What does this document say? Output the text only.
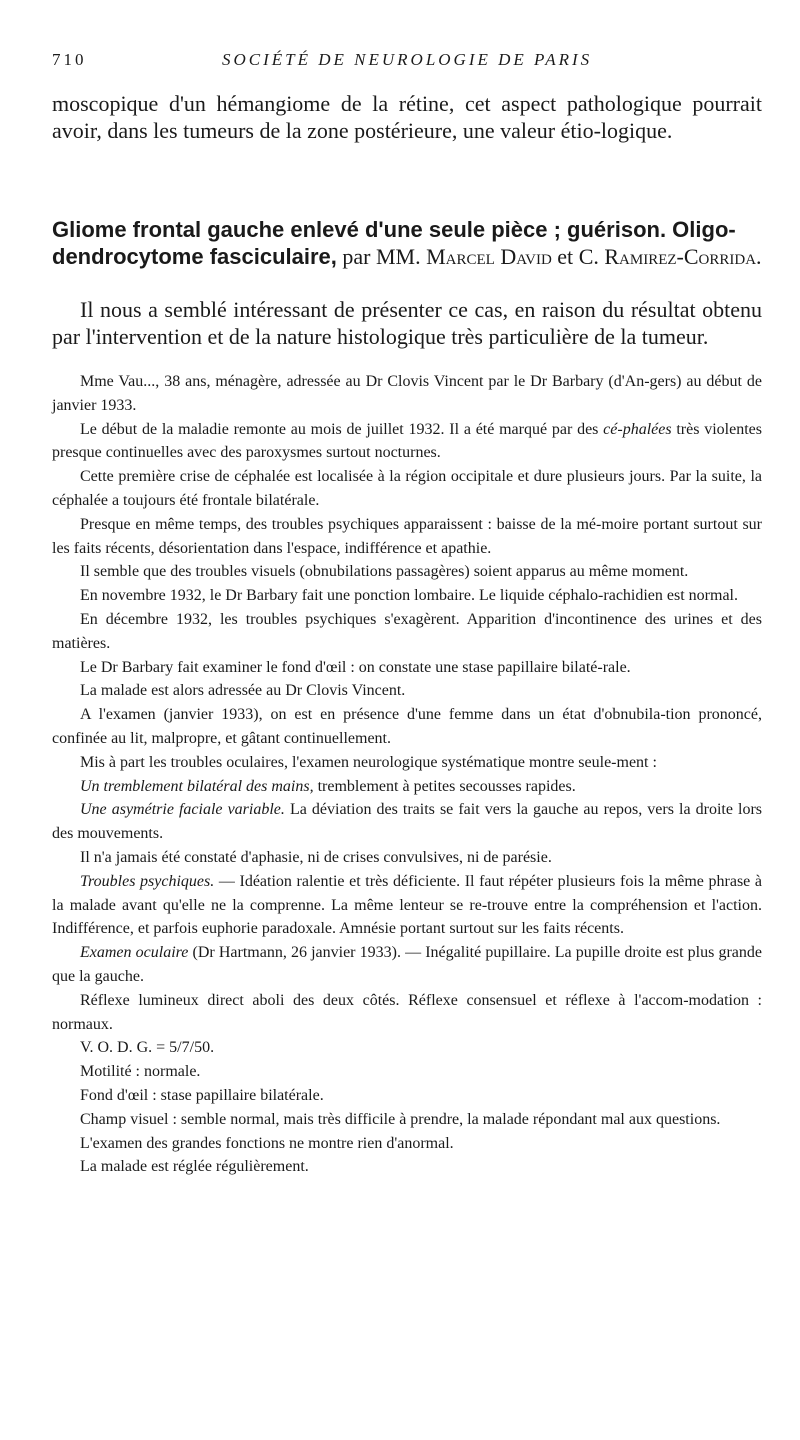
710	SOCIÉTÉ DE NEUROLOGIE DE PARIS

moscopique d'un hémangiome de la rétine, cet aspect pathologique pourrait avoir, dans les tumeurs de la zone postérieure, une valeur étio-logique.

Gliome frontal gauche enlevé d'une seule pièce ; guérison. Oligo-dendrocytome fasciculaire, par MM. Marcel David et C. Ramirez-Corrida.

Il nous a semblé intéressant de présenter ce cas, en raison du résultat obtenu par l'intervention et de la nature histologique très particulière de la tumeur.

Mme Vau..., 38 ans, ménagère, adressée au Dr Clovis Vincent par le Dr Barbary (d'An-gers) au début de janvier 1933.

Le début de la maladie remonte au mois de juillet 1932. Il a été marqué par des cé-phalées très violentes presque continuelles avec des paroxysmes surtout nocturnes.

Cette première crise de céphalée est localisée à la région occipitale et dure plusieurs jours. Par la suite, la céphalée a toujours été frontale bilatérale.

Presque en même temps, des troubles psychiques apparaissent : baisse de la mé-moire portant surtout sur les faits récents, désorientation dans l'espace, indifférence et apathie.

Il semble que des troubles visuels (obnubilations passagères) soient apparus au même moment.

En novembre 1932, le Dr Barbary fait une ponction lombaire. Le liquide céphalo-rachidien est normal.

En décembre 1932, les troubles psychiques s'exagèrent. Apparition d'incontinence des urines et des matières.

Le Dr Barbary fait examiner le fond d'œil : on constate une stase papillaire bilaté-rale.

La malade est alors adressée au Dr Clovis Vincent.

A l'examen (janvier 1933), on est en présence d'une femme dans un état d'obnubila-tion prononcé, confinée au lit, malpropre, et gâtant continuellement.

Mis à part les troubles oculaires, l'examen neurologique systématique montre seule-ment :

Un tremblement bilatéral des mains, tremblement à petites secousses rapides.

Une asymétrie faciale variable. La déviation des traits se fait vers la gauche au repos, vers la droite lors des mouvements.

Il n'a jamais été constaté d'aphasie, ni de crises convulsives, ni de parésie.

Troubles psychiques. — Idéation ralentie et très déficiente. Il faut répéter plusieurs fois la même phrase à la malade avant qu'elle ne la comprenne. La même lenteur se re-trouve entre la compréhension et l'action. Indifférence, et parfois euphorie paradoxale. Amnésie portant surtout sur les faits récents.

Examen oculaire (Dr Hartmann, 26 janvier 1933). — Inégalité pupillaire. La pupille droite est plus grande que la gauche.

Réflexe lumineux direct aboli des deux côtés. Réflexe consensuel et réflexe à l'accom-modation : normaux.

V. O. D. G. = 5/7/50.

Motilité : normale.

Fond d'œil : stase papillaire bilatérale.

Champ visuel : semble normal, mais très difficile à prendre, la malade répondant mal aux questions.

L'examen des grandes fonctions ne montre rien d'anormal.

La malade est réglée régulièrement.
